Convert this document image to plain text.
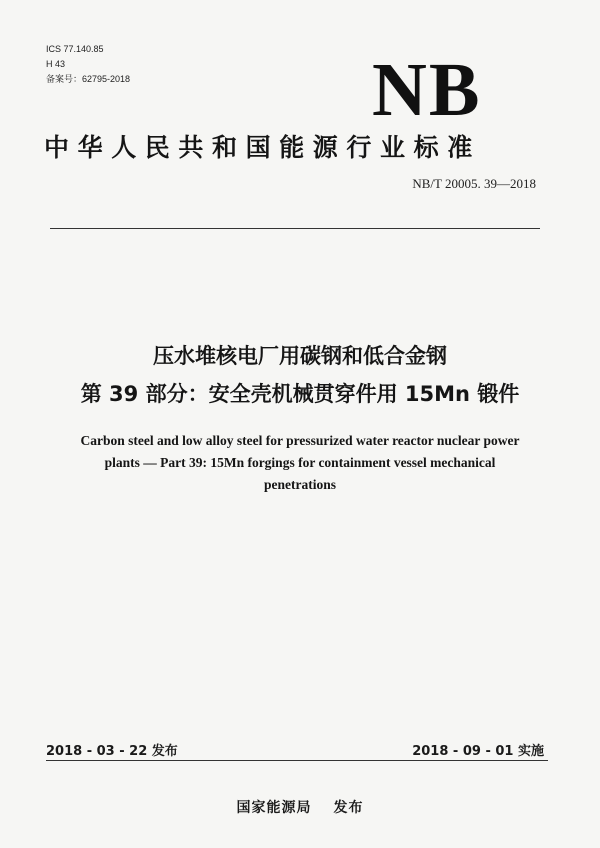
ICS 77.140.85
H 43
备案号：62795-2018	NB
中华人民共和国能源行业标准
NB/T 20005. 39—2018
压水堆核电厂用碳钢和低合金钢
第 39 部分：安全壳机械贯穿件用 15Mn 锻件
Carbon steel and low alloy steel for pressurized water reactor nuclear power
plants — Part 39: 15Mn forgings for containment vessel mechanical
penetrations
2018 - 03 - 22 发布	2018 - 09 - 01 实施
国家能源局 发布
